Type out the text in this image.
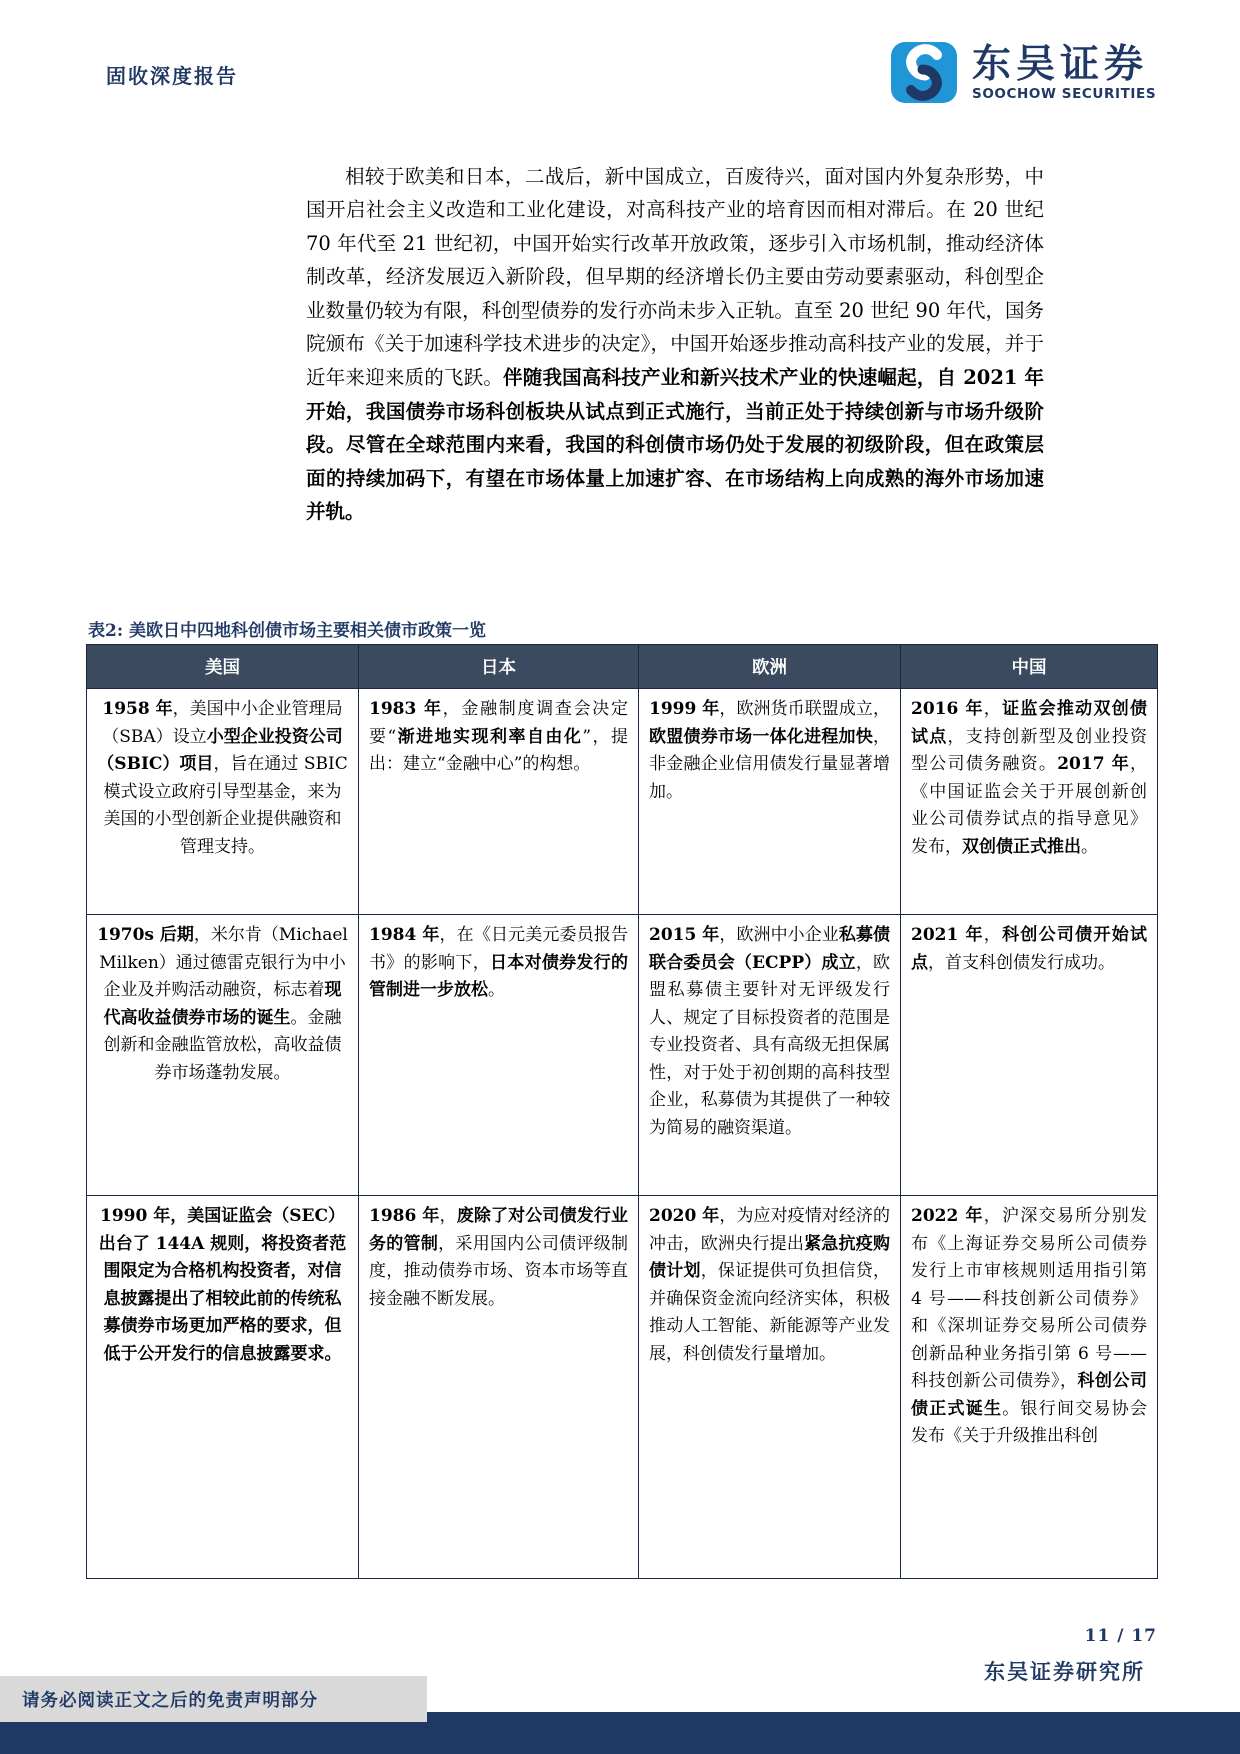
固收深度报告	东吴证券
SOOCHOW SECURITIES

相较于欧美和日本，二战后，新中国成立，百废待兴，面对国内外复杂形势，中国开启社会主义改造和工业化建设，对高科技产业的培育因而相对滞后。在 20 世纪 70 年代至 21 世纪初，中国开始实行改革开放政策，逐步引入市场机制，推动经济体制改革，经济发展迈入新阶段，但早期的经济增长仍主要由劳动要素驱动，科创型企业数量仍较为有限，科创型债券的发行亦尚未步入正轨。直至 20 世纪 90 年代，国务院颁布《关于加速科学技术进步的决定》，中国开始逐步推动高科技产业的发展，并于近年来迎来质的飞跃。伴随我国高科技产业和新兴技术产业的快速崛起，自 2021 年开始，我国债券市场科创板块从试点到正式施行，当前正处于持续创新与市场升级阶段。尽管在全球范围内来看，我国的科创债市场仍处于发展的初级阶段，但在政策层面的持续加码下，有望在市场体量上加速扩容、在市场结构上向成熟的海外市场加速并轨。

表2: 美欧日中四地科创债市场主要相关债市政策一览
美国	日本	欧洲	中国
1958 年，美国中小企业管理局（SBA）设立小型企业投资公司（SBIC）项目，旨在通过 SBIC 模式设立政府引导型基金，来为美国的小型创新企业提供融资和管理支持。	1983 年，金融制度调查会决定要“渐进地实现利率自由化”，提出：建立“金融中心”的构想。	1999 年，欧洲货币联盟成立，欧盟债券市场一体化进程加快，非金融企业信用债发行量显著增加。	2016 年，证监会推动双创债试点，支持创新型及创业投资型公司债务融资。2017 年，《中国证监会关于开展创新创业公司债券试点的指导意见》发布，双创债正式推出。
1970s 后期，米尔肯（Michael Milken）通过德雷克银行为中小企业及并购活动融资，标志着现代高收益债券市场的诞生。金融创新和金融监管放松，高收益债券市场蓬勃发展。	1984 年，在《日元美元委员报告书》的影响下，日本对债券发行的管制进一步放松。	2015 年，欧洲中小企业私募债联合委员会（ECPP）成立，欧盟私募债主要针对无评级发行人、规定了目标投资者的范围是专业投资者、具有高级无担保属性，对于处于初创期的高科技型企业，私募债为其提供了一种较为简易的融资渠道。	2021 年，科创公司债开始试点，首支科创债发行成功。
1990 年，美国证监会（SEC）出台了 144A 规则，将投资者范围限定为合格机构投资者，对信息披露提出了相较此前的传统私募债券市场更加严格的要求，但低于公开发行的信息披露要求。	1986 年，废除了对公司债发行业务的管制，采用国内公司债评级制度，推动债券市场、资本市场等直接金融不断发展。	2020 年，为应对疫情对经济的冲击，欧洲央行提出紧急抗疫购债计划，保证提供可负担信贷，并确保资金流向经济实体，积极推动人工智能、新能源等产业发展，科创债发行量增加。	2022 年，沪深交易所分别发布《上海证券交易所公司债券发行上市审核规则适用指引第 4 号——科技创新公司债券》和《深圳证券交易所公司债券创新品种业务指引第 6 号——科技创新公司债券》，科创公司债正式诞生。银行间交易协会发布《关于升级推出科创
11 / 17
东吴证券研究所
请务必阅读正文之后的免责声明部分
